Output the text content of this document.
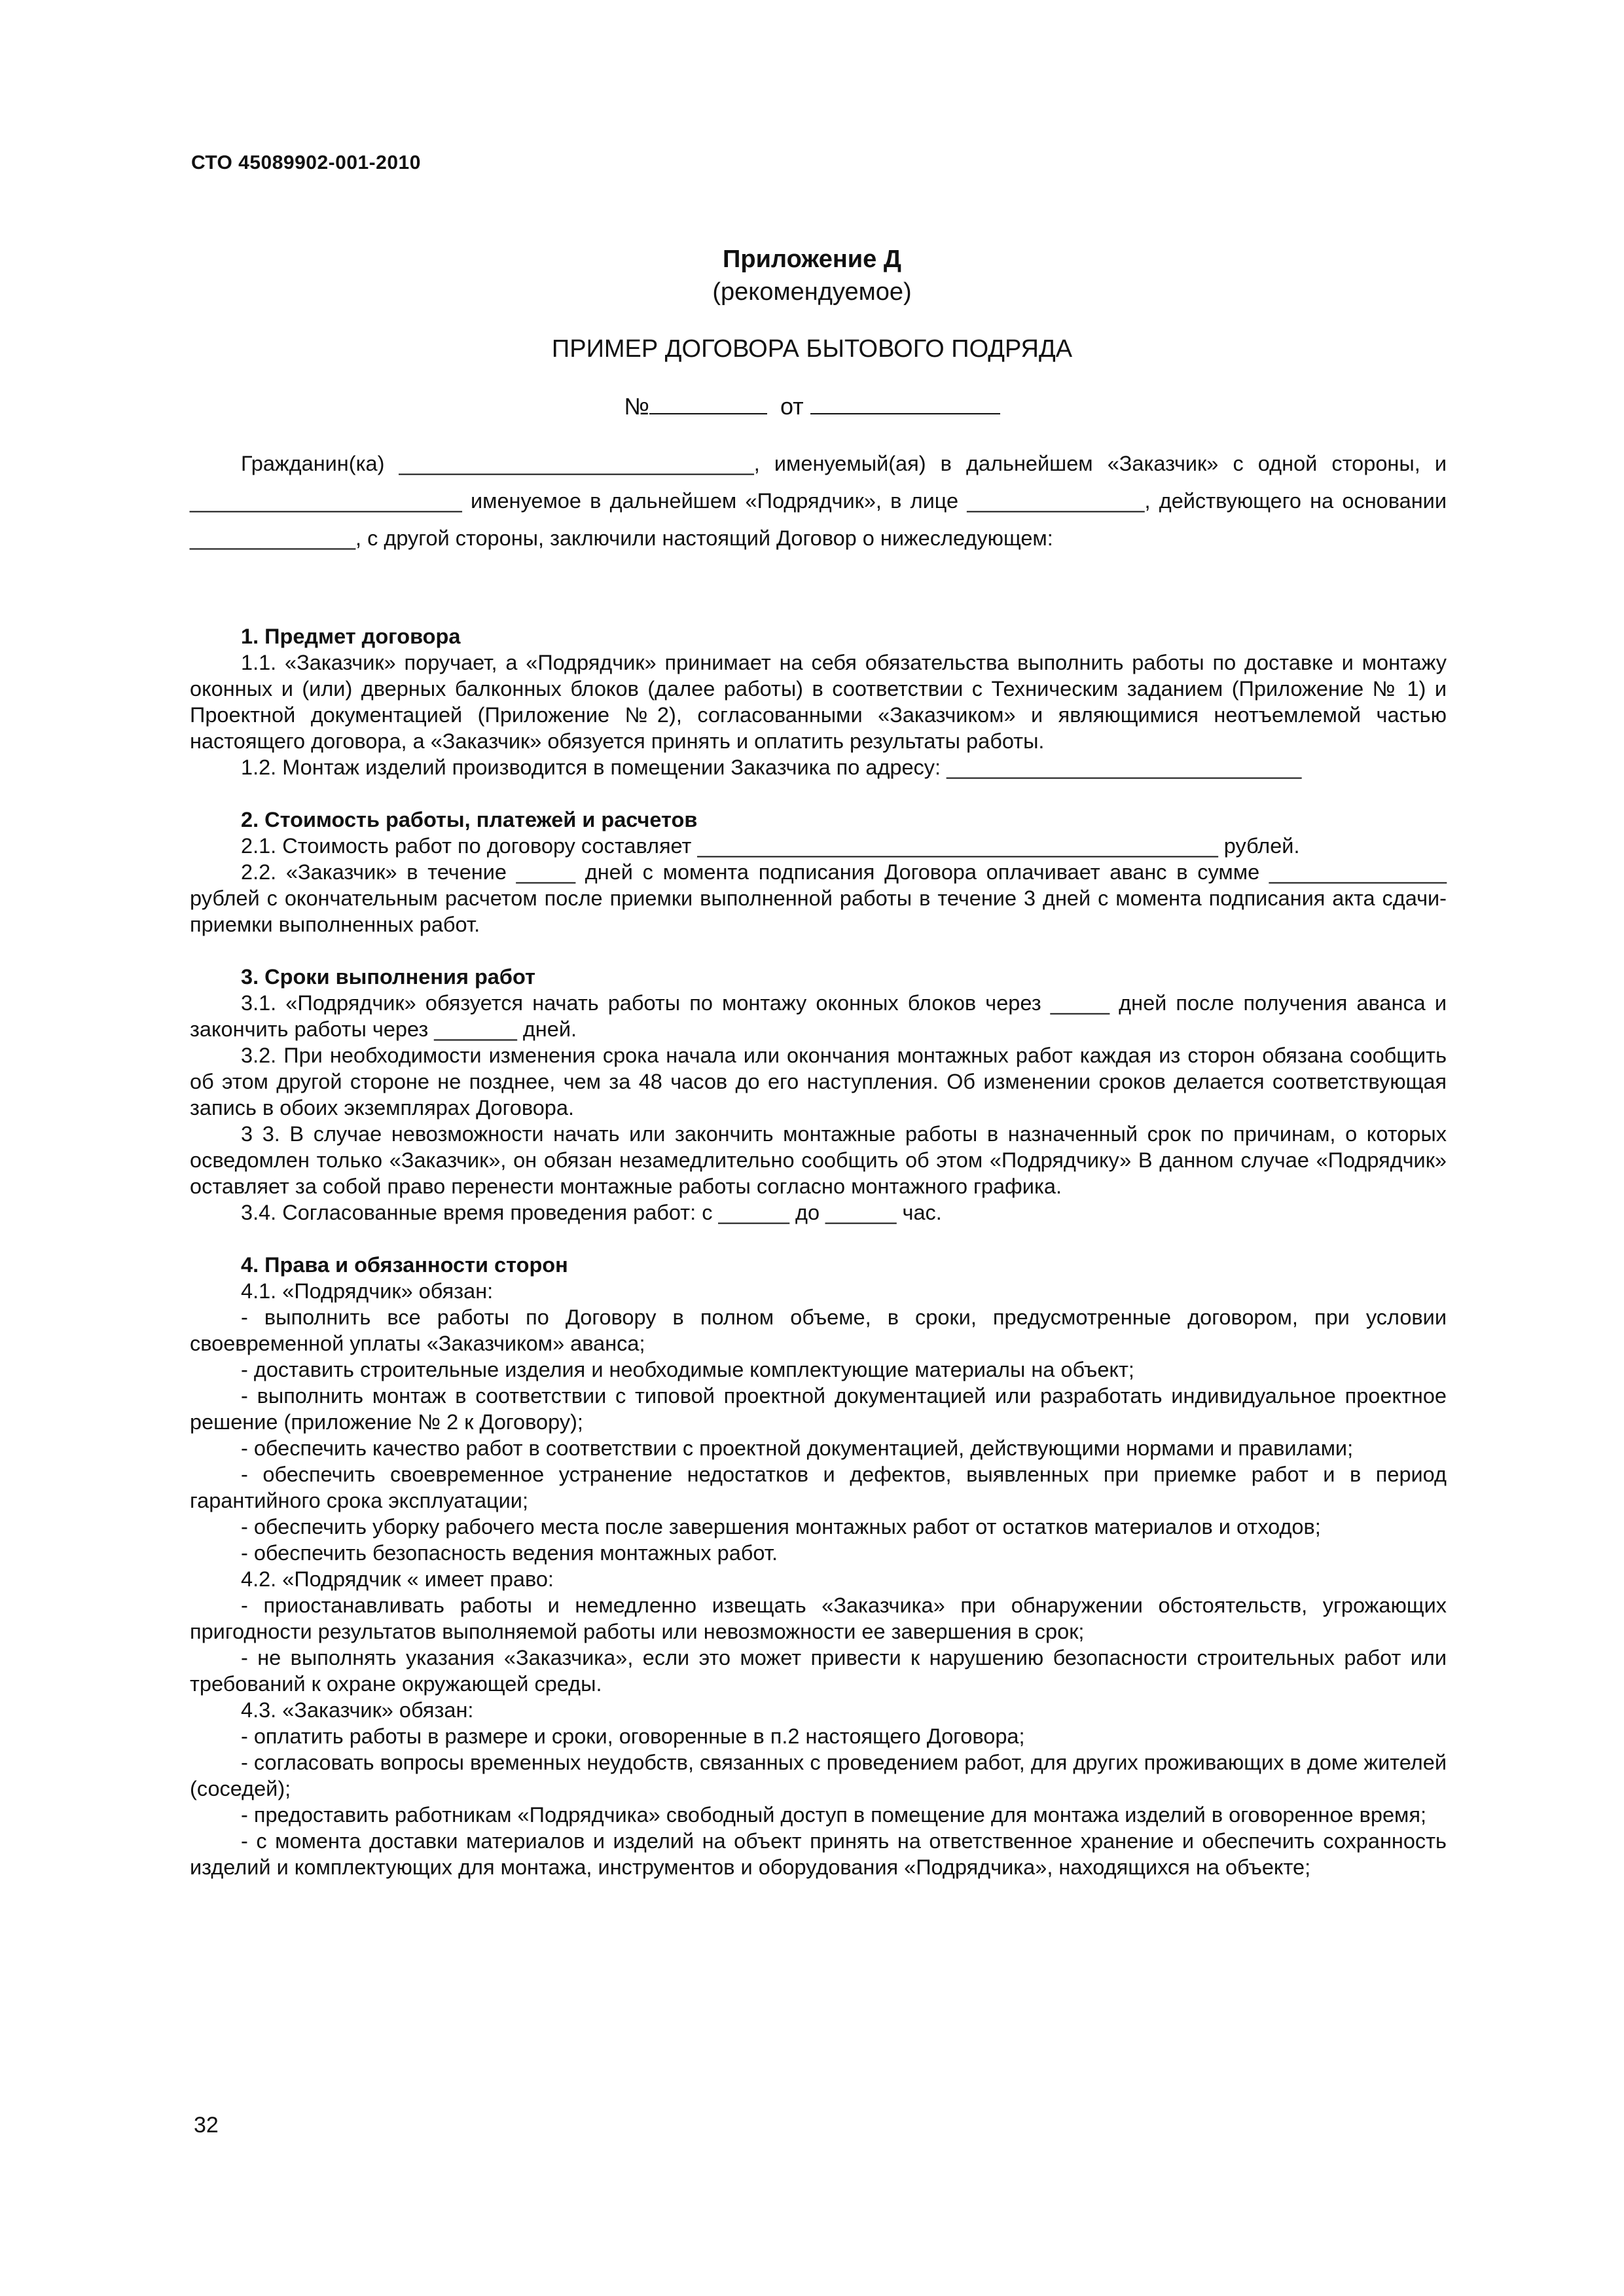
СТО 45089902-001-2010
Приложение Д
(рекомендуемое)
ПРИМЕР ДОГОВОРА БЫТОВОГО ПОДРЯДА
№	от

Гражданин(ка) ______________________________, именуемый(ая) в дальнейшем «Заказчик» с одной стороны, и _______________________ именуемое в дальнейшем «Подрядчик», в лице _______________, действующего на основании ______________, с другой стороны, заключили настоящий Договор о нижеследующем:

1. Предмет договора

1.1. «Заказчик» поручает, а «Подрядчик» принимает на себя обязательства выполнить работы по доставке и монтажу оконных и (или) дверных балконных блоков (далее работы) в соответствии с Техническим заданием (Приложение № 1) и Проектной документацией (Приложение №2), согласованными «Заказчиком» и являющимися неотъемлемой частью настоящего договора, а «Заказчик» обязуется принять и оплатить результаты работы.

1.2. Монтаж изделий производится в помещении Заказчика по адресу: ______________________________

2. Стоимость работы, платежей и расчетов

2.1. Стоимость работ по договору составляет ____________________________________________ рублей.

2.2. «Заказчик» в течение _____ дней с момента подписания Договора оплачивает аванс в сумме _______________ рублей с окончательным расчетом после приемки выполненной работы в течение 3 дней с момента подписания акта сдачи-приемки выполненных работ.

3. Сроки выполнения работ

3.1. «Подрядчик» обязуется начать работы по монтажу оконных блоков через _____ дней после получения аванса и закончить работы через _______ дней.

3.2. При необходимости изменения срока начала или окончания монтажных работ каждая из сторон обязана сообщить об этом другой стороне не позднее, чем за 48 часов до его наступления. Об изменении сроков делается соответствующая запись в обоих экземплярах Договора.

3 3. В случае невозможности начать или закончить монтажные работы в назначенный срок по причинам, о которых осведомлен только «Заказчик», он обязан незамедлительно сообщить об этом «Подрядчику» В данном случае «Подрядчик» оставляет за собой право перенести монтажные работы согласно монтажного графика.

3.4. Согласованные время проведения работ: с ______ до ______ час.

4. Права и обязанности сторон

4.1. «Подрядчик» обязан:

- выполнить все работы по Договору в полном объеме, в сроки, предусмотренные договором, при условии своевременной уплаты «Заказчиком» аванса;

- доставить строительные изделия и необходимые комплектующие материалы на объект;

- выполнить монтаж в соответствии с типовой проектной документацией или разработать индивидуальное проектное решение (приложение № 2 к Договору);

- обеспечить качество работ в соответствии с проектной документацией, действующими нормами и правилами;

- обеспечить своевременное устранение недостатков и дефектов, выявленных при приемке работ и в период гарантийного срока эксплуатации;

- обеспечить уборку рабочего места после завершения монтажных работ от остатков материалов и отходов;

- обеспечить безопасность ведения монтажных работ.

4.2. «Подрядчик « имеет право:

- приостанавливать работы и немедленно извещать «Заказчика» при обнаружении обстоятельств, угрожающих пригодности результатов выполняемой работы или невозможности ее завершения в срок;

- не выполнять указания «Заказчика», если это может привести к нарушению безопасности строительных работ или требований к охране окружающей среды.

4.3. «Заказчик» обязан:

- оплатить работы в размере и сроки, оговоренные в п.2 настоящего Договора;

- согласовать вопросы временных неудобств, связанных с проведением работ, для других проживающих в доме жителей (соседей);

- предоставить работникам «Подрядчика» свободный доступ в помещение для монтажа изделий в оговоренное время;

- с момента доставки материалов и изделий на объект принять на ответственное хранение и обеспечить сохранность изделий и комплектующих для монтажа, инструментов и оборудования «Подрядчика», находящихся на объекте;

32
